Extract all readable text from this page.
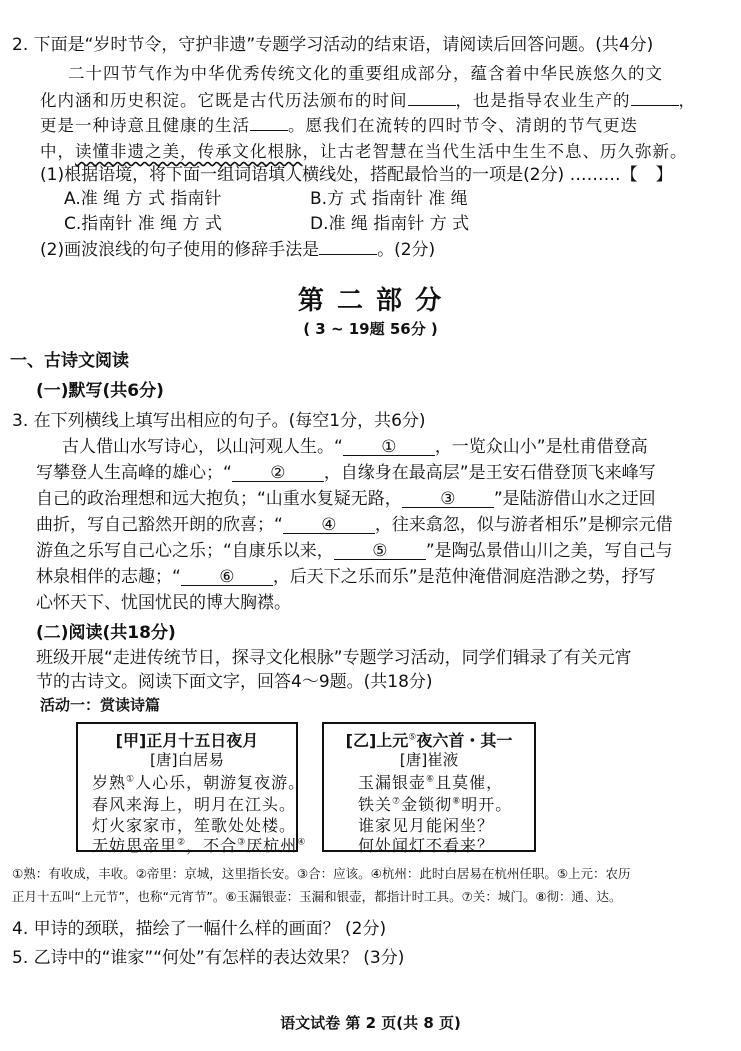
2. 下面是“岁时节令，守护非遗”专题学习活动的结束语，请阅读后回答问题。(共4分)
二十四节气作为中华优秀传统文化的重要组成部分，蕴含着中华民族悠久的文
化内涵和历史积淀。它既是古代历法颁布的时间	，也是指导农业生产的	，
更是一种诗意且健康的生活 。愿我们在流转的四时节令、清朗的节气更迭
中，读懂非遗之美，传承文化根脉，让古老智慧在当代生活中生生不息、历久弥新。
(1)根据语境，将下面一组词语填人横线处，搭配最恰当的一项是(2分) ………【 】
A.准 绳 方 式 指南针	B.方 式 指南针 准 绳
C.指南针 准 绳 方 式	D.准 绳 指南针 方 式
(2)画波浪线的句子使用的修辞手法是	。(2分)
第 二 部 分
( 3 ~ 19题 56分 )
一、古诗文阅读
(一)默写(共6分)
3. 在下列横线上填写出相应的句子。(每空1分，共6分)
古人借山水写诗心，以山河观人生。“ ① ，一览众山小”是杜甫借登高
写攀登人生高峰的雄心；“ ② ，自缘身在最高层”是王安石借登顶飞来峰写
自己的政治理想和远大抱负；“山重水复疑无路， ③ ”是陆游借山水之迂回
曲折，写自己豁然开朗的欣喜；“ ④ ，往来翕忽，似与游者相乐”是柳宗元借
游鱼之乐写自己心之乐；“自康乐以来， ⑤ ”是陶弘景借山川之美，写自己与
林泉相伴的志趣；“ ⑥ ，后天下之乐而乐”是范仲淹借洞庭浩渺之势，抒写
心怀天下、忧国忧民的博大胸襟。
(二)阅读(共18分)
班级开展“走进传统节日，探寻文化根脉”专题学习活动，同学们辑录了有关元宵
节的古诗文。阅读下面文字，回答4～9题。(共18分)
活动一：赏读诗篇
[甲]正月十五日夜月
[唐]白居易
岁熟①人心乐，朝游复夜游。
春风来海上，明月在江头。
灯火家家市，笙歌处处楼。
无妨思帝里②，不合③厌杭州④
[乙]上元⑤夜六首・其一
[唐]崔液
玉漏银壶⑥且莫催，
铁关⑦金锁彻⑧明开。
谁家见月能闲坐？
何处闻灯不看来？
①熟：有收成，丰收。②帝里：京城，这里指长安。③合：应该。④杭州：此时白居易在杭州任职。⑤上元：农历
正月十五叫“上元节”，也称“元宵节”。⑥玉漏银壶：玉漏和银壶，都指计时工具。⑦关：城门。⑧彻：通、达。
4. 甲诗的颈联，描绘了一幅什么样的画面？ (2分)
5. 乙诗中的“谁家”“何处”有怎样的表达效果？ (3分)
语文试卷 第 2 页(共 8 页)
